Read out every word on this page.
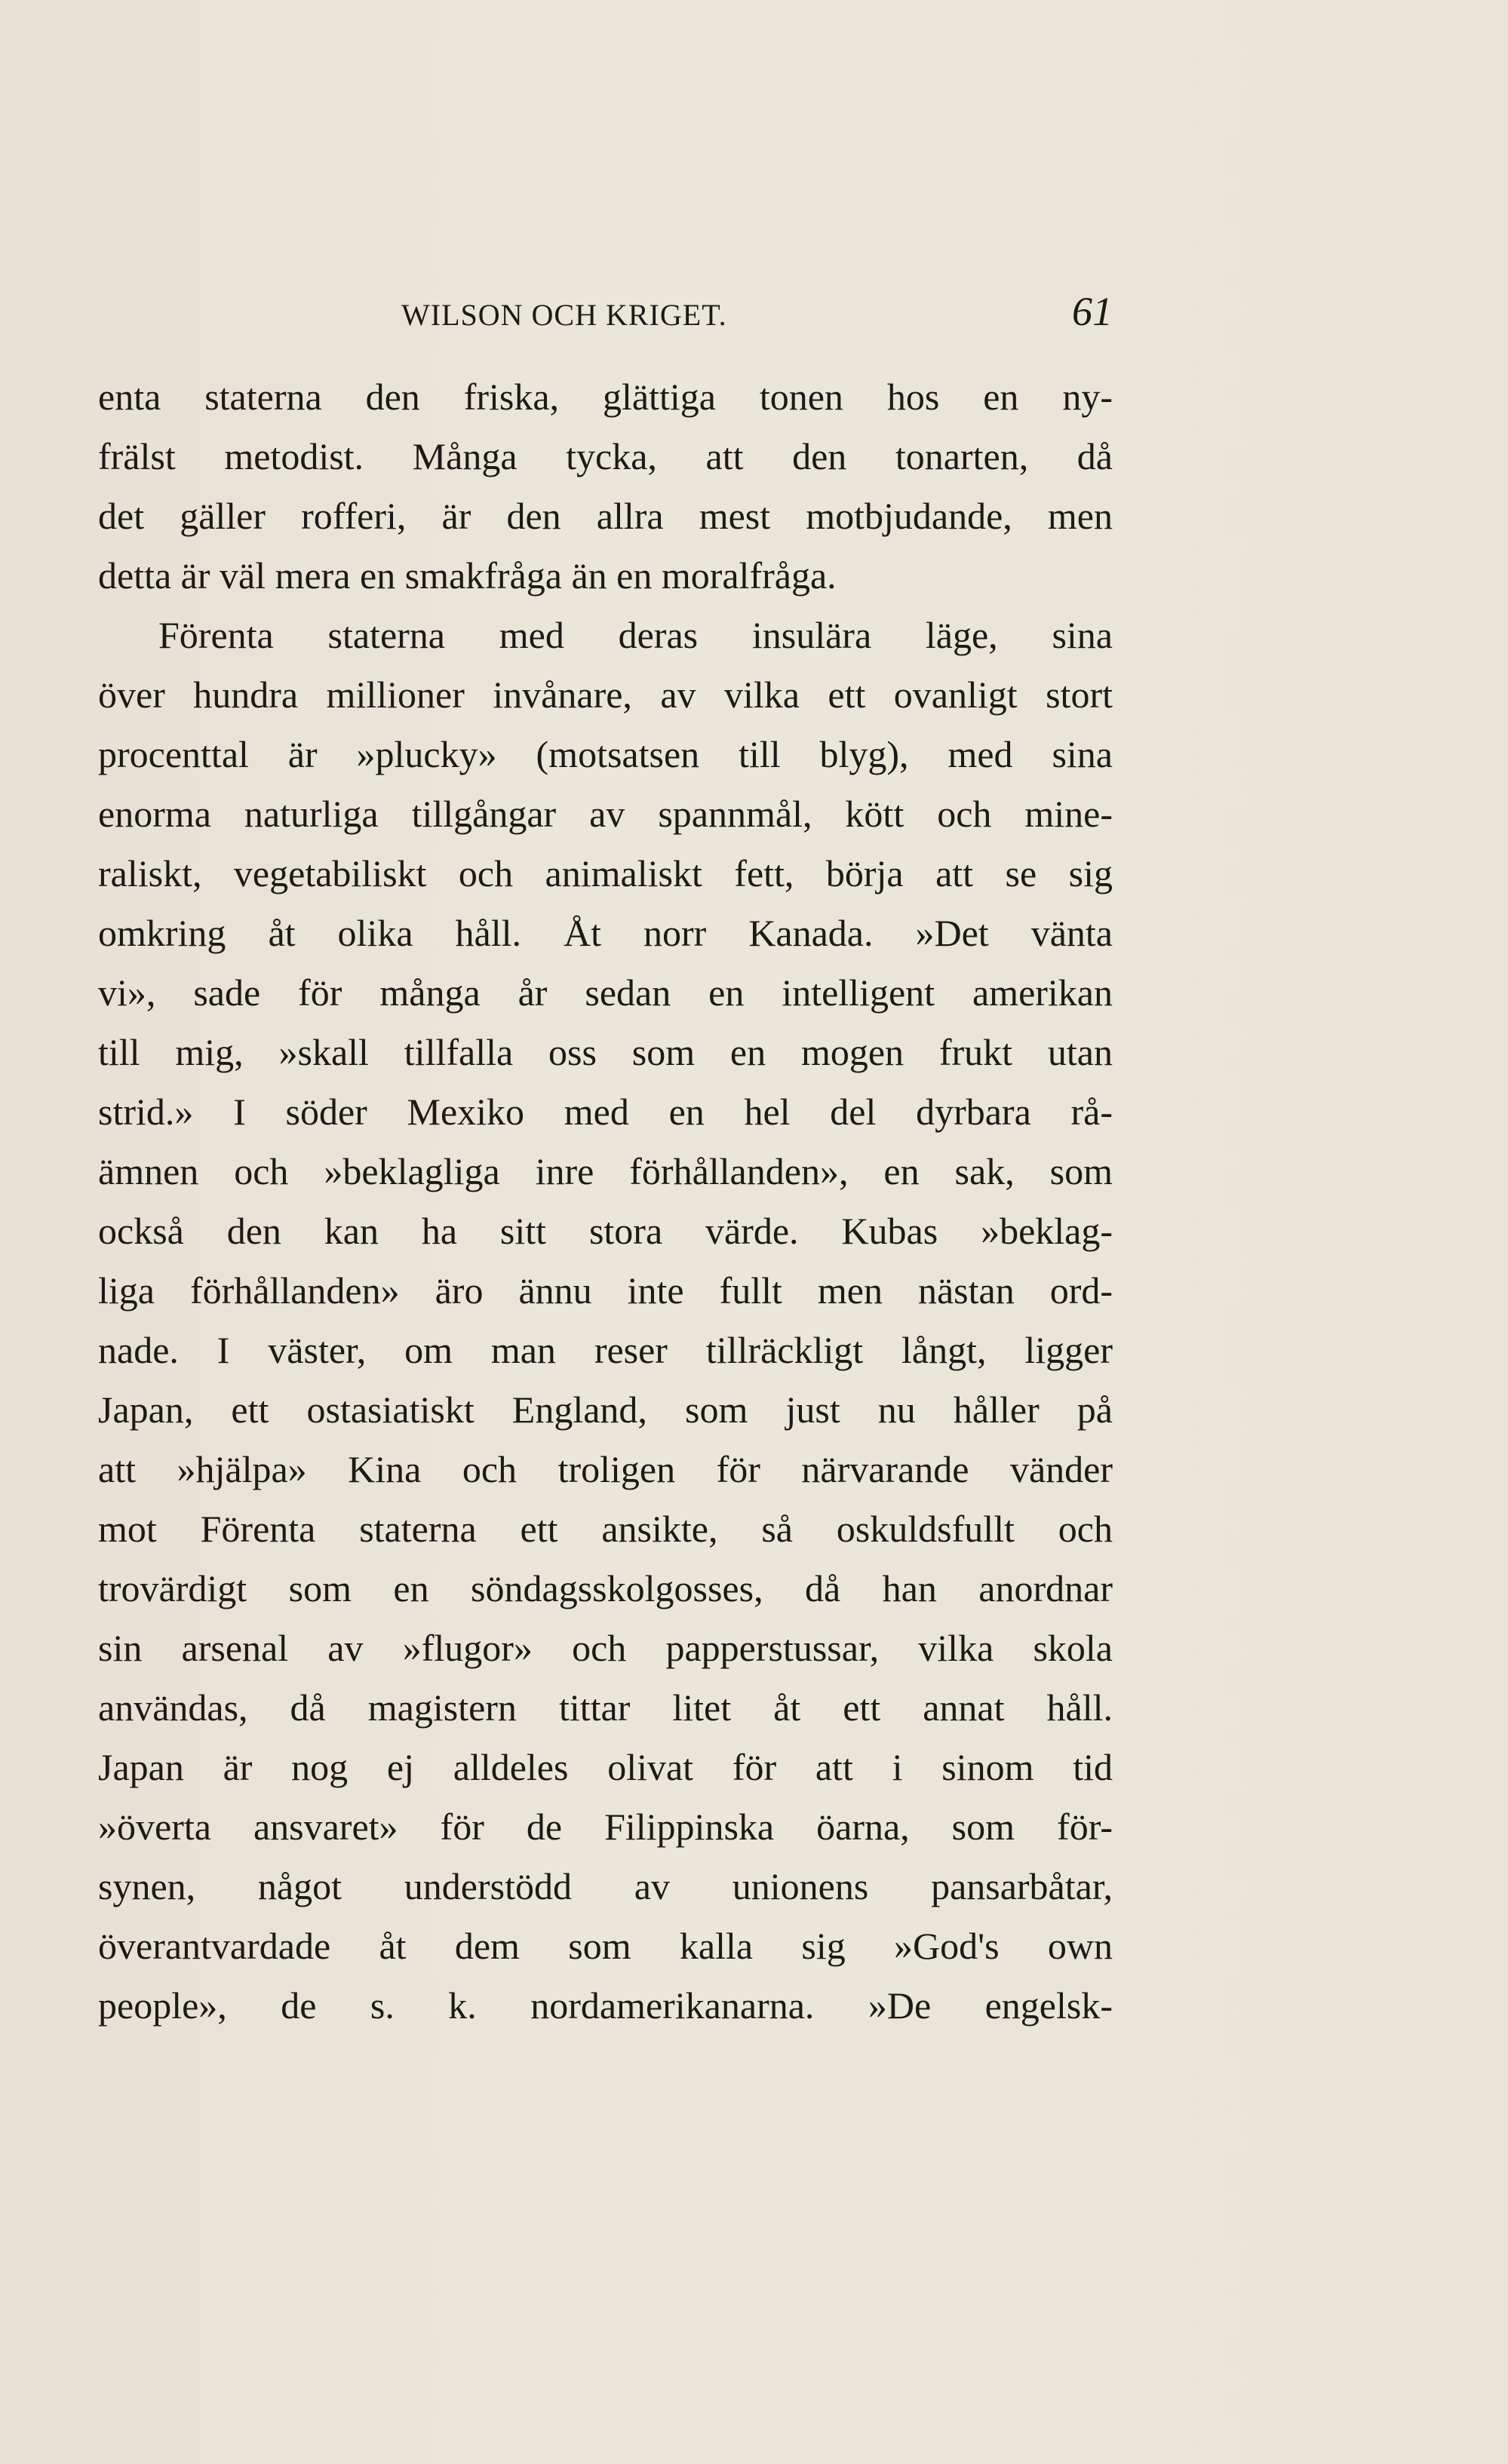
WILSON OCH KRIGET.	61
enta staterna den friska, glättiga tonen hos en ny-
frälst metodist. Många tycka, att den tonarten, då
det gäller rofferi, är den allra mest motbjudande, men
detta är väl mera en smakfråga än en moralfråga.
Förenta staterna med deras insulära läge, sina
över hundra millioner invånare, av vilka ett ovanligt stort
procenttal är »plucky» (motsatsen till blyg), med sina
enorma naturliga tillgångar av spannmål, kött och mine-
raliskt, vegetabiliskt och animaliskt fett, börja att se sig
omkring åt olika håll. Åt norr Kanada. »Det vänta
vi», sade för många år sedan en intelligent amerikan
till mig, »skall tillfalla oss som en mogen frukt utan
strid.» I söder Mexiko med en hel del dyrbara rå-
ämnen och »beklagliga inre förhållanden», en sak, som
också den kan ha sitt stora värde. Kubas »beklag-
liga förhållanden» äro ännu inte fullt men nästan ord-
nade. I väster, om man reser tillräckligt långt, ligger
Japan, ett ostasiatiskt England, som just nu håller på
att »hjälpa» Kina och troligen för närvarande vänder
mot Förenta staterna ett ansikte, så oskuldsfullt och
trovärdigt som en söndagsskolgosses, då han anordnar
sin arsenal av »flugor» och papperstussar, vilka skola
användas, då magistern tittar litet åt ett annat håll.
Japan är nog ej alldeles olivat för att i sinom tid
»överta ansvaret» för de Filippinska öarna, som för-
synen, något understödd av unionens pansarbåtar,
överantvardade åt dem som kalla sig »God's own
people», de s. k. nordamerikanarna. »De engelsk-
